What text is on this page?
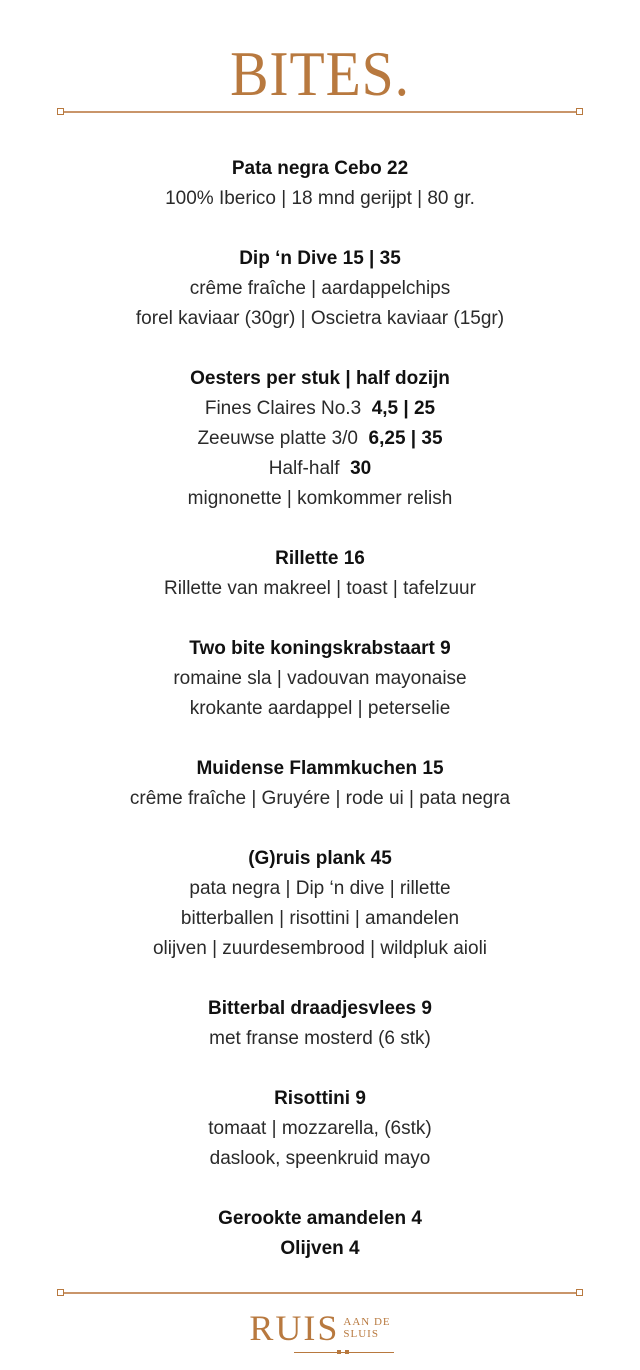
BITES.
Pata negra Cebo 22
100% Iberico | 18 mnd gerijpt | 80 gr.
Dip ‘n Dive 15 | 35
crême fraîche | aardappelchips
forel kaviaar (30gr) | Oscietra kaviaar (15gr)
Oesters per stuk | half dozijn
Fines Claires No.3 4,5 | 25
Zeeuwse platte 3/0 6,25 | 35
Half-half 30
mignonette | komkommer relish
Rillette 16
Rillette van makreel | toast | tafelzuur
Two bite koningskrabstaart 9
romaine sla | vadouvan mayonaise
krokante aardappel | peterselie
Muidense Flammkuchen 15
crême fraîche | Gruyére | rode ui | pata negra
(G)ruis plank 45
pata negra | Dip ‘n dive | rillette
bitterballen | risottini | amandelen
olijven | zuurdesembrood | wildpluk aioli
Bitterbal draadjesvlees 9
met franse mosterd (6 stk)
Risottini 9
tomaat | mozzarella, (6stk)
daslook, speenkruid mayo
Gerookte amandelen 4
Olijven 4
RUIS AAN DE
SLUIS
